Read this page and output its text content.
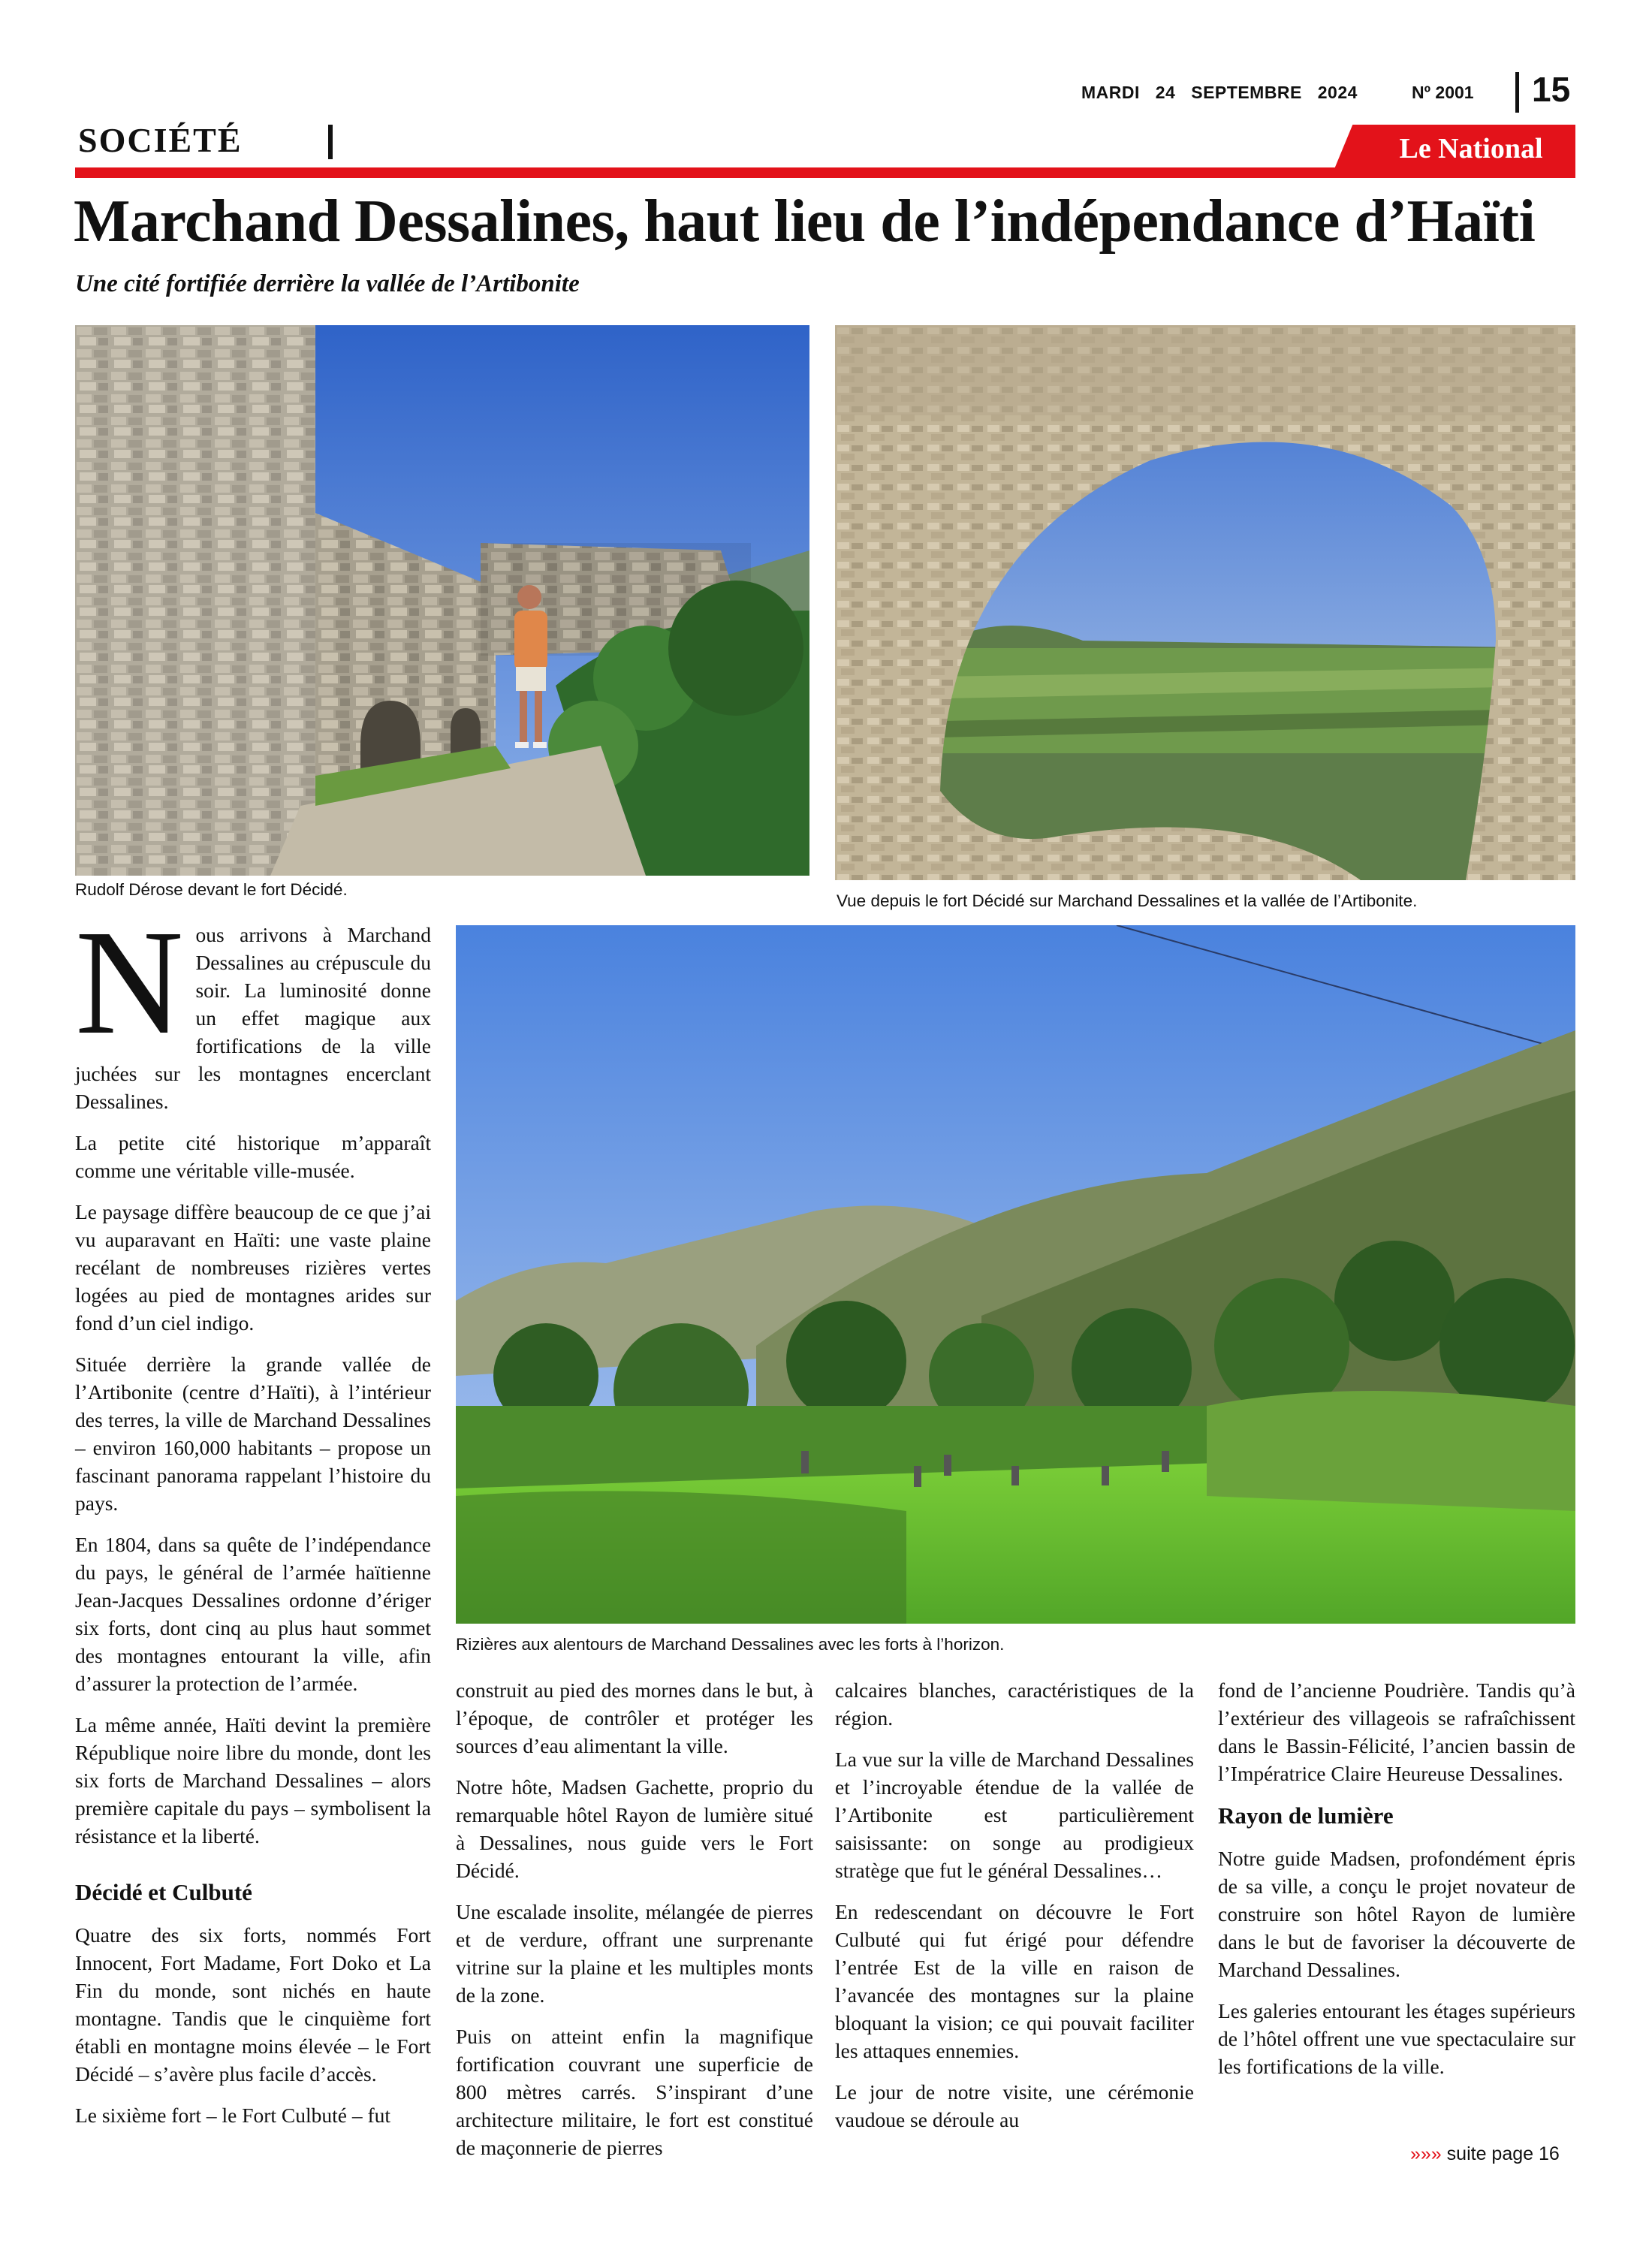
MARDI 24 SEPTEMBRE 2024	Nº 2001 15
SOCIÉTÉ	Le National
Marchand Dessalines, haut lieu de l’indépendance d’Haïti
Une cité fortifiée derrière la vallée de l’Artibonite
Rudolf Dérose devant le fort Décidé.
Vue depuis le fort Décidé sur Marchand Dessalines et la vallée de l’Artibonite.
Rizières aux alentours de Marchand Dessalines avec les forts à l’horizon.

Nous arrivons à Marchand Dessalines au crépuscule du soir. La luminosité donne un effet magique aux fortifications de la ville juchées sur les montagnes encerclant Dessalines.

La petite cité historique m’apparaît comme une véritable ville-musée.

Le paysage diffère beaucoup de ce que j’ai vu auparavant en Haïti: une vaste plaine recélant de nombreuses rizières vertes logées au pied de montagnes arides sur fond d’un ciel indigo.

Située derrière la grande vallée de l’Artibonite (centre d’Haïti), à l’intérieur des terres, la ville de Marchand Dessalines – environ 160,000 habitants – propose un fascinant panorama rappelant l’histoire du pays.

En 1804, dans sa quête de l’indépendance du pays, le général de l’armée haïtienne Jean-Jacques Dessalines ordonne d’ériger six forts, dont cinq au plus haut sommet des montagnes entourant la ville, afin d’assurer la protection de l’armée.

La même année, Haïti devint la première République noire libre du monde, dont les six forts de Marchand Dessalines – alors première capitale du pays – symbolisent la résistance et la liberté.

Décidé et Culbuté

Quatre des six forts, nommés Fort Innocent, Fort Madame, Fort Doko et La Fin du monde, sont nichés en haute montagne. Tandis que le cinquième fort établi en montagne moins élevée – le Fort Décidé – s’avère plus facile d’accès.

Le sixième fort – le Fort Culbuté – fut

construit au pied des mornes dans le but, à l’époque, de contrôler et protéger les sources d’eau alimentant la ville.

Notre hôte, Madsen Gachette, proprio du remarquable hôtel Rayon de lumière situé à Dessalines, nous guide vers le Fort Décidé.

Une escalade insolite, mélangée de pierres et de verdure, offrant une surprenante vitrine sur la plaine et les multiples monts de la zone.

Puis on atteint enfin la magnifique fortification couvrant une superficie de 800 mètres carrés. S’inspirant d’une architecture militaire, le fort est constitué de maçonnerie de pierres

calcaires blanches, caractéristiques de la région.

La vue sur la ville de Marchand Dessalines et l’incroyable étendue de la vallée de l’Artibonite est particulièrement saisissante: on songe au prodigieux stratège que fut le général Dessalines…

En redescendant on découvre le Fort Culbuté qui fut érigé pour défendre l’entrée Est de la ville en raison de l’avancée des montagnes sur la plaine bloquant la vision; ce qui pouvait faciliter les attaques ennemies.

Le jour de notre visite, une cérémonie vaudoue se déroule au

fond de l’ancienne Poudrière. Tandis qu’à l’extérieur des villageois se rafraîchissent dans le Bassin-Félicité, l’ancien bassin de l’Impératrice Claire Heureuse Dessalines.

Rayon de lumière

Notre guide Madsen, profondément épris de sa ville, a conçu le projet novateur de construire son hôtel Rayon de lumière dans le but de favoriser la découverte de Marchand Dessalines.

Les galeries entourant les étages supérieurs de l’hôtel offrent une vue spectaculaire sur les fortifications de la ville.

»»» suite page 16
